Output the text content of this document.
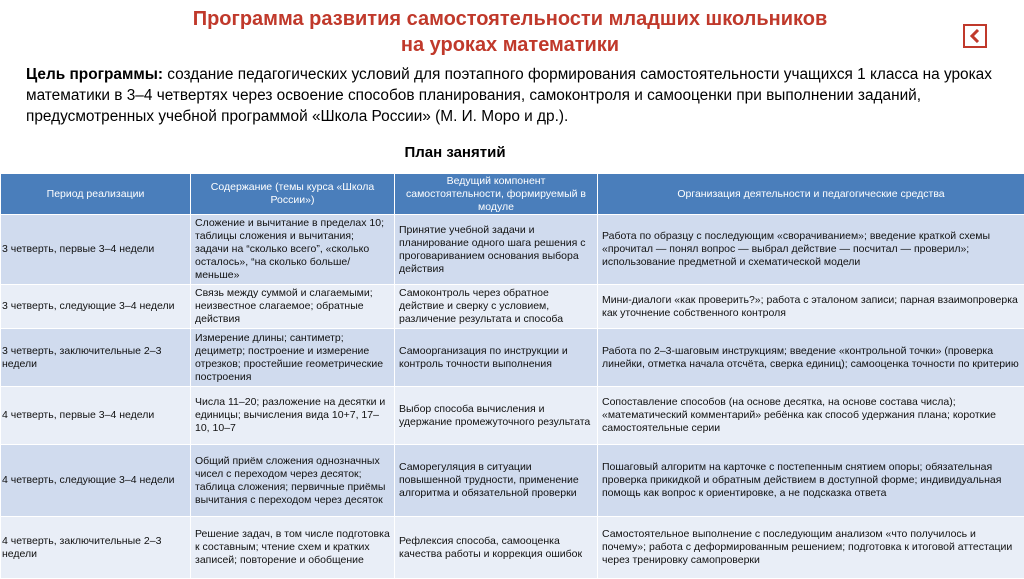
Программа развития самостоятельности младших школьников
на уроках математики
Цель программы: создание педагогических условий для поэтапного формирования самостоятельности учащихся 1 класса на уроках математики в 3–4 четвертях через освоение способов планирования, самоконтроля и самооценки при выполнении заданий, предусмотренных учебной программой «Школа России» (М. И. Моро и др.).
План занятий
Период реализации	Содержание (темы курса «Школа России»)	Ведущий компонент самостоятельности, формируемый в модуле	Организация деятельности и педагогические средства
3 четверть, первые 3–4 недели	Сложение и вычитание в пределах 10; таблицы сложения и вычитания; задачи на “сколько всего”, «сколько осталось», “на сколько больше/меньше»	Принятие учебной задачи и планирование одного шага решения с проговариванием основания выбора действия	Работа по образцу с последующим «сворачиванием»; введение краткой схемы «прочитал — понял вопрос — выбрал действие — посчитал — проверил»; использование предметной и схематической модели
3 четверть, следующие 3–4 недели	Связь между суммой и слагаемыми; неизвестное слагаемое; обратные действия	Самоконтроль через обратное действие и сверку с условием, различение результата и способа	Мини-диалоги «как проверить?»; работа с эталоном записи; парная взаимопроверка как уточнение собственного контроля
3 четверть, заключительные 2–3 недели	Измерение длины; сантиметр; дециметр; построение и измерение отрезков; простейшие геометрические построения	Самоорганизация по инструкции и контроль точности выполнения	Работа по 2–3-шаговым инструкциям; введение «контрольной точки» (проверка линейки, отметка начала отсчёта, сверка единиц); самооценка точности по критерию
4 четверть, первые 3–4 недели	Числа 11–20; разложение на десятки и единицы; вычисления вида 10+7, 17–10, 10–7	Выбор способа вычисления и удержание промежуточного результата	Сопоставление способов (на основе десятка, на основе состава числа); «математический комментарий» ребёнка как способ удержания плана; короткие самостоятельные серии
4 четверть, следующие 3–4 недели	Общий приём сложения однозначных чисел с переходом через десяток; таблица сложения; первичные приёмы вычитания с переходом через десяток	Саморегуляция в ситуации повышенной трудности, применение алгоритма и обязательной проверки	Пошаговый алгоритм на карточке с постепенным снятием опоры; обязательная проверка прикидкой и обратным действием в доступной форме; индивидуальная помощь как вопрос к ориентировке, а не подсказка ответа
4 четверть, заключительные 2–3 недели	Решение задач, в том числе подготовка к составным; чтение схем и кратких записей; повторение и обобщение	Рефлексия способа, самооценка качества работы и коррекция ошибок	Самостоятельное выполнение с последующим анализом «что получилось и почему»; работа с деформированным решением; подготовка к итоговой аттестации через тренировку самопроверки
